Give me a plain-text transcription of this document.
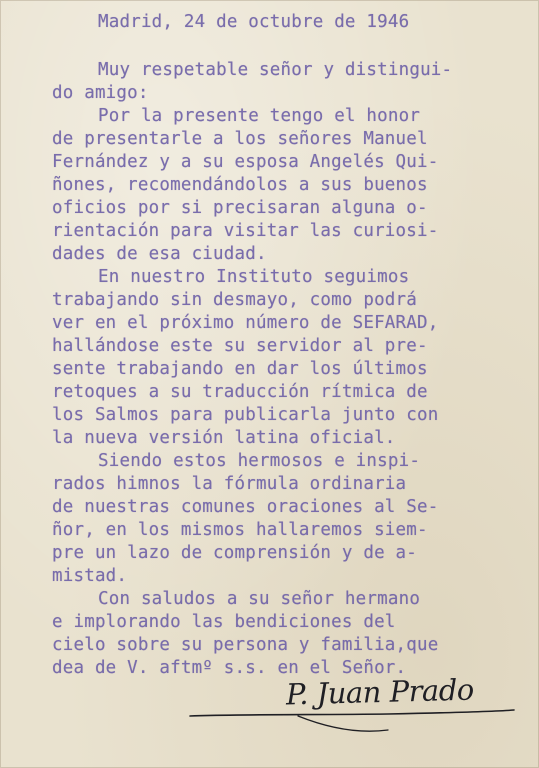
Madrid, 24 de octubre de 1946

Muy respetable señor y distingui-

do amigo:

Por la presente tengo el honor

de presentarle a los señores Manuel

Fernández y a su esposa Angelés Qui-

ñones, recomendándolos a sus buenos

oficios por si precisaran alguna o-

rientación para visitar las curiosi-

dades de esa ciudad.

En nuestro Instituto seguimos

trabajando sin desmayo, como podrá

ver en el próximo número de SEFARAD,

hallándose este su servidor al pre-

sente trabajando en dar los últimos

retoques a su traducción rítmica de

los Salmos para publicarla junto con

la nueva versión latina oficial.

Siendo estos hermosos e inspi-

rados himnos la fórmula ordinaria

de nuestras comunes oraciones al Se-

ñor, en los mismos hallaremos siem-

pre un lazo de comprensión y de a-

mistad.

Con saludos a su señor hermano

e implorando las bendiciones del

cielo sobre su persona y familia,que

dea de V. aftmº s.s. en el Señor.

P. Juan Prado
